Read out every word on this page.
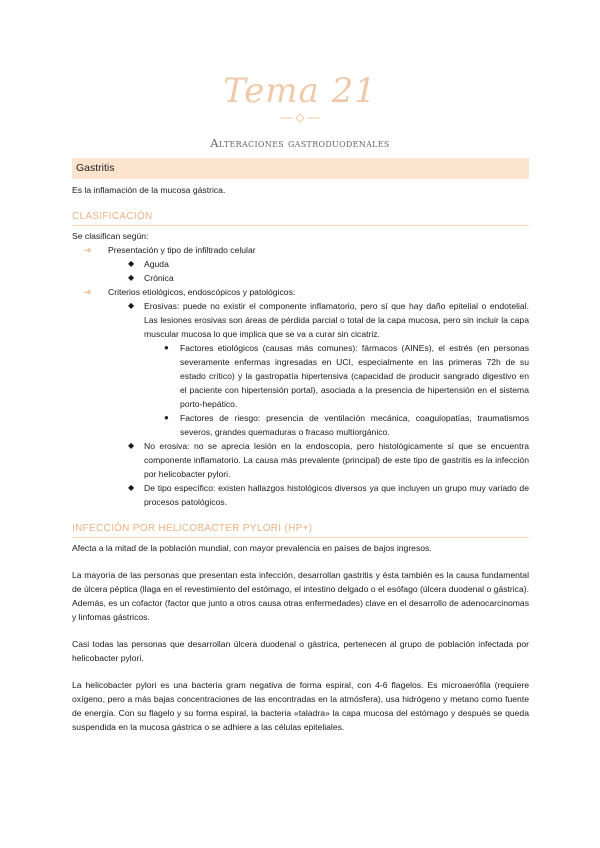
Tema 21
Alteraciones gastroduodenales
Gastritis

Es la inflamación de la mucosa gástrica.

CLASIFICACIÓN

Se clasifican según:

➔ Presentación y tipo de infiltrado celular
◆ Aguda
◆ Crónica
➔ Criterios etiológicos, endoscópicos y patológicos:
◆ Erosivas: puede no existir el componente inflamatorio, pero sí que hay daño epitelial o endotelial. Las lesiones erosivas son áreas de pérdida parcial o total de la capa mucosa, pero sin incluir la capa muscular mucosa lo que implica que se va a curar sin cicatriz.
● Factores etiológicos (causas más comunes): fármacos (AINEs), el estrés (en personas severamente enfermas ingresadas en UCI, especialmente en las primeras 72h de su estado crítico) y la gastropatía hipertensiva (capacidad de producir sangrado digestivo en el paciente con hipertensión portal), asociada a la presencia de hipertensión en el sistema porto-hepático.
● Factores de riesgo: presencia de ventilación mecánica, coagulopatías, traumatismos severos, grandes quemaduras o fracaso multiorgánico.
◆ No erosiva: no se aprecia lesión en la endoscopia, pero histológicamente sí que se encuentra componente inflamatorio. La causa más prevalente (principal) de este tipo de gastritis es la infección por helicobacter pylori.
◆ De tipo específico: existen hallazgos histológicos diversos ya que incluyen un grupo muy variado de procesos patológicos.
INFECCIÓN POR HELICOBACTER PYLORI (HP+)

Afecta a la mitad de la población mundial, con mayor prevalencia en países de bajos ingresos.

La mayoría de las personas que presentan esta infección, desarrollan gastritis y ésta también es la causa fundamental de úlcera péptica (llaga en el revestimiento del estómago, el intestino delgado o el esófago (úlcera duodenal o gástrica). Además, es un cofactor (factor que junto a otros causa otras enfermedades) clave en el desarrollo de adenocarcinomas y linfomas gástricos.

Casi todas las personas que desarrollan úlcera duodenal o gástrica, pertenecen al grupo de población infectada por helicobacter pylori.

La helicobacter pylori es una bacteria gram negativa de forma espiral, con 4-6 flagelos. Es microaerófila (requiere oxígeno, pero a más bajas concentraciones de las encontradas en la atmósfera), usa hidrógeno y metano como fuente de energía. Con su flagelo y su forma espiral, la bacteria «taladra» la capa mucosa del estómago y después se queda suspendida en la mucosa gástrica o se adhiere a las células epiteliales.
